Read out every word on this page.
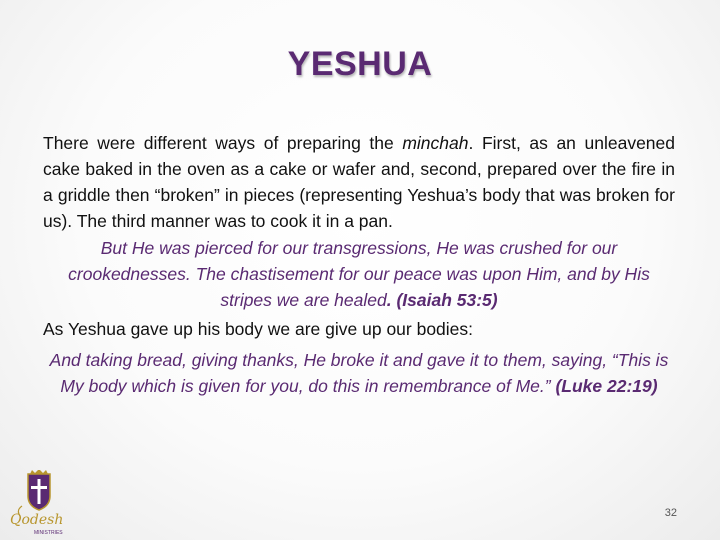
YESHUA

There were different ways of preparing the minchah. First, as an unleavened cake baked in the oven as a cake or wafer and, second, prepared over the fire in a griddle then “broken” in pieces (representing Yeshua’s body that was broken for us). The third manner was to cook it in a pan.

But He was pierced for our transgressions, He was crushed for our crookednesses. The chastisement for our peace was upon Him, and by His stripes we are healed. (Isaiah 53:5)

As Yeshua gave up his body we are give up our bodies:

And taking bread, giving thanks, He broke it and gave it to them, saying, “This is My body which is given for you, do this in remembrance of Me.” (Luke 22:19)

Qodesh
MINISTRIES
32
